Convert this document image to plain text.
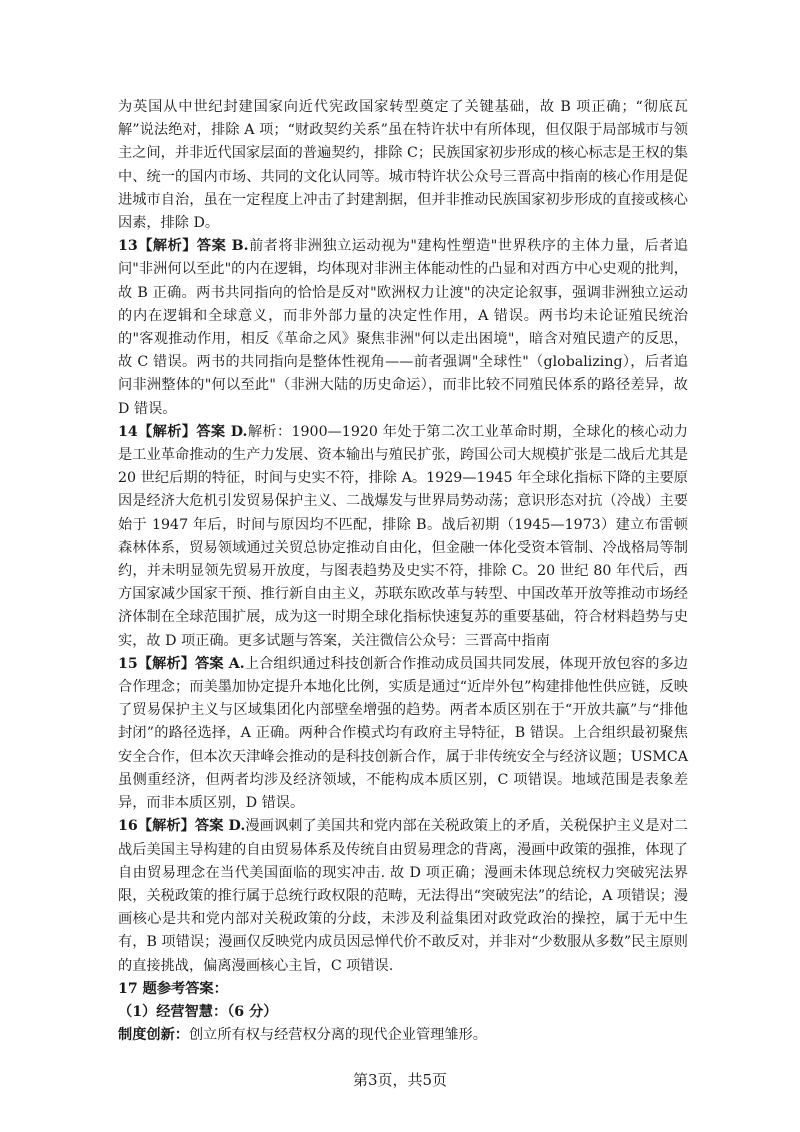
为英国从中世纪封建国家向近代宪政国家转型奠定了关键基础，故 B 项正确；“彻底瓦解”说法绝对，排除 A 项；“财政契约关系”虽在特许状中有所体现，但仅限于局部城市与领主之间，并非近代国家层面的普遍契约，排除 C；民族国家初步形成的核心标志是王权的集中、统一的国内市场、共同的文化认同等。城市特许状公众号三晋高中指南的核心作用是促进城市自治，虽在一定程度上冲击了封建割据，但并非推动民族国家初步形成的直接或核心因素，排除 D。

13【解析】答案 B.前者将非洲独立运动视为"建构性塑造"世界秩序的主体力量，后者追问"非洲何以至此"的内在逻辑，均体现对非洲主体能动性的凸显和对西方中心史观的批判，故 B 正确。两书共同指向的恰恰是反对"欧洲权力让渡"的决定论叙事，强调非洲独立运动的内在逻辑和全球意义，而非外部力量的决定性作用，A 错误。两书均未论证殖民统治的"客观推动作用，相反《革命之风》聚焦非洲"何以走出困境"，暗含对殖民遗产的反思，故 C 错误。两书的共同指向是整体性视角——前者强调"全球性"（globalizing），后者追问非洲整体的"何以至此"（非洲大陆的历史命运），而非比较不同殖民体系的路径差异，故 D 错误。

14【解析】答案 D.解析：1900—1920 年处于第二次工业革命时期，全球化的核心动力是工业革命推动的生产力发展、资本输出与殖民扩张，跨国公司大规模扩张是二战后尤其是 20 世纪后期的特征，时间与史实不符，排除 A。1929—1945 年全球化指标下降的主要原因是经济大危机引发贸易保护主义、二战爆发与世界局势动荡；意识形态对抗（冷战）主要始于 1947 年后，时间与原因均不匹配，排除 B。战后初期（1945—1973）建立布雷顿森林体系，贸易领域通过关贸总协定推动自由化，但金融一体化受资本管制、冷战格局等制约，并未明显领先贸易开放度，与图表趋势及史实不符，排除 C。20 世纪 80 年代后，西方国家减少国家干预、推行新自由主义，苏联东欧改革与转型、中国改革开放等推动市场经济体制在全球范围扩展，成为这一时期全球化指标快速复苏的重要基础，符合材料趋势与史实，故 D 项正确。更多试题与答案，关注微信公众号：三晋高中指南

15【解析】答案 A.上合组织通过科技创新合作推动成员国共同发展，体现开放包容的多边合作理念；而美墨加协定提升本地化比例，实质是通过“近岸外包”构建排他性供应链，反映了贸易保护主义与区域集团化内部壁垒增强的趋势。两者本质区别在于“开放共赢”与“排他封闭”的路径选择，A 正确。两种合作模式均有政府主导特征，B 错误。上合组织最初聚焦安全合作，但本次天津峰会推动的是科技创新合作，属于非传统安全与经济议题；USMCA 虽侧重经济，但两者均涉及经济领域，不能构成本质区别，C 项错误。地域范围是表象差异，而非本质区别，D 错误。

16【解析】答案 D.漫画讽刺了美国共和党内部在关税政策上的矛盾，关税保护主义是对二战后美国主导构建的自由贸易体系及传统自由贸易理念的背离，漫画中政策的强推，体现了自由贸易理念在当代美国面临的现实冲击. 故 D 项正确；漫画未体现总统权力突破宪法界限，关税政策的推行属于总统行政权限的范畴，无法得出“突破宪法”的结论，A 项错误；漫画核心是共和党内部对关税政策的分歧，未涉及利益集团对政党政治的操控，属于无中生有，B 项错误；漫画仅反映党内成员因忌惮代价不敢反对，并非对“少数服从多数”民主原则的直接挑战，偏离漫画核心主旨，C 项错误.

17 题参考答案：

（1）经营智慧：（6 分）

制度创新：创立所有权与经营权分离的现代企业管理雏形。

第3页，共5页
